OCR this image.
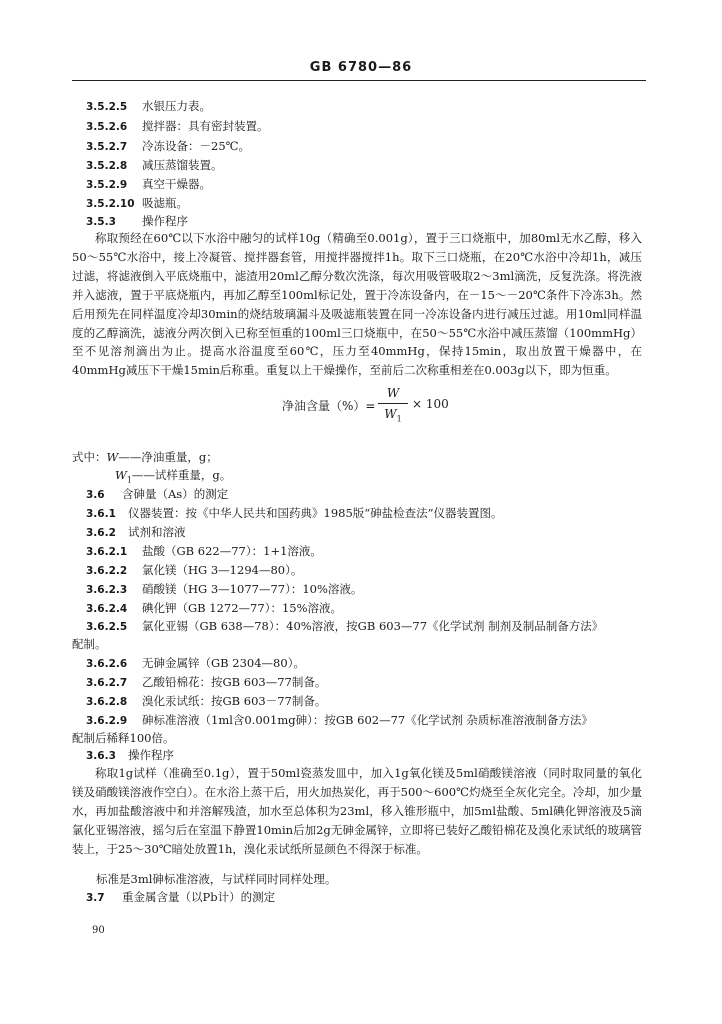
GB 6780—86
3.5.2.5 水银压力表。
3.5.2.6 搅拌器：具有密封装置。
3.5.2.7 冷冻设备：－25℃。
3.5.2.8 减压蒸馏装置。
3.5.2.9 真空干燥器。
3.5.2.10 吸滤瓶。
3.5.3 操作程序
称取预经在60℃以下水浴中融匀的试样10g（精确至0.001g），置于三口烧瓶中，加80ml无水乙醇，移入50～55℃水浴中，接上冷凝管、搅拌器套管，用搅拌器搅拌1h。取下三口烧瓶，在20℃水浴中冷却1h，减压过滤，将滤液倒入平底烧瓶中，滤渣用20ml乙醇分数次洗涤，每次用吸管吸取2～3ml滴洗，反复洗涤。将洗液并入滤液，置于平底烧瓶内，再加乙醇至100ml标记处，置于冷冻设备内，在－15～－20℃条件下冷冻3h。然后用预先在同样温度冷却30min的烧结玻璃漏斗及吸滤瓶装置在同一冷冻设备内进行减压过滤。用10ml同样温度的乙醇滴洗，滤液分两次倒入已称至恒重的100ml三口烧瓶中，在50～55℃水浴中减压蒸馏（100mmHg）至不见溶剂滴出为止。提高水浴温度至60℃，压力至40mmHg，保持15min，取出放置干燥器中，在40mmHg减压下干燥15min后称重。重复以上干燥操作，至前后二次称重相差在0.003g以下，即为恒重。
净油含量（%）=
W
$W_1$
× 100
式中：W——净油重量，g；
$W_1——$试样重量，g。
3.6 含砷量（As）的测定
3.6.1 仪器装置：按《中华人民共和国药典》1985版“砷盐检查法”仪器装置图。
3.6.2 试剂和溶液
3.6.2.1 盐酸（GB 622—77）：1+1溶液。
3.6.2.2 氯化镁（HG 3—1294—80）。
3.6.2.3 硝酸镁（HG 3—1077—77）：10%溶液。
3.6.2.4 碘化钾（GB 1272—77）：15%溶液。
3.6.2.5 氯化亚锡（GB 638—78）：40%溶液，按GB 603—77《化学试剂 制剂及制品制备方法》
配制。
3.6.2.6 无砷金属锌（GB 2304—80）。
3.6.2.7 乙酸铅棉花：按GB 603—77制备。
3.6.2.8 溴化汞试纸：按GB 603－77制备。
3.6.2.9 砷标准溶液（1ml含0.001mg砷）：按GB 602—77《化学试剂 杂质标准溶液制备方法》
配制后稀释100倍。
3.6.3 操作程序
称取1g试样（准确至0.1g），置于50ml瓷蒸发皿中，加入1g氧化镁及5ml硝酸镁溶液（同时取同量的氧化镁及硝酸镁溶液作空白）。在水浴上蒸干后，用火加热炭化，再于500～600℃灼烧至全灰化完全。冷却，加少量水，再加盐酸溶液中和并溶解残渣，加水至总体积为23ml，移入锥形瓶中，加5ml盐酸、5ml碘化钾溶液及5滴氯化亚锡溶液，摇匀后在室温下静置10min后加2g无砷金属锌，立即将已装好乙酸铅棉花及溴化汞试纸的玻璃管装上，于25～30℃暗处放置1h，溴化汞试纸所显颜色不得深于标准。
标准是3ml砷标准溶液，与试样同时同样处理。
3.7 重金属含量（以Pb计）的测定
90
